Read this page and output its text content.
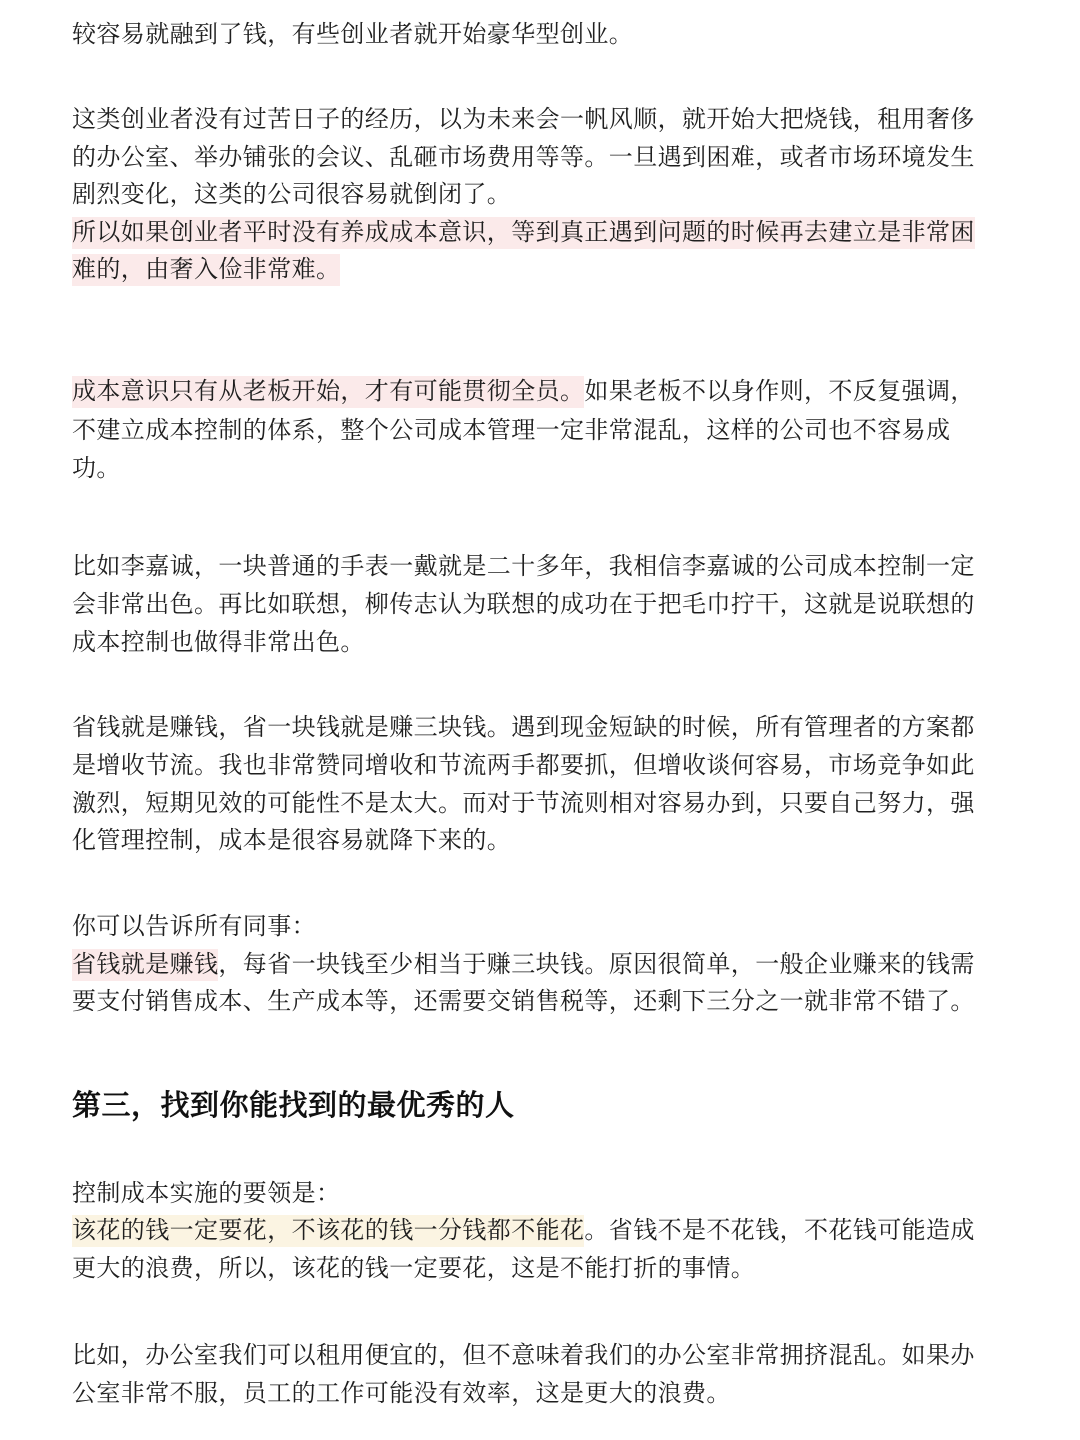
较容易就融到了钱，有些创业者就开始豪华型创业。
这类创业者没有过苦日子的经历，以为未来会一帆风顺，就开始大把烧钱，租用奢侈
的办公室、举办铺张的会议、乱砸市场费用等等。一旦遇到困难，或者市场环境发生
剧烈变化，这类的公司很容易就倒闭了。
所以如果创业者平时没有养成成本意识，等到真正遇到问题的时候再去建立是非常困
难的，由奢入俭非常难。
成本意识只有从老板开始，才有可能贯彻全员。如果老板不以身作则，不反复强调，
不建立成本控制的体系，整个公司成本管理一定非常混乱，这样的公司也不容易成
功。
比如李嘉诚，一块普通的手表一戴就是二十多年，我相信李嘉诚的公司成本控制一定
会非常出色。再比如联想，柳传志认为联想的成功在于把毛巾拧干，这就是说联想的
成本控制也做得非常出色。
省钱就是赚钱，省一块钱就是赚三块钱。遇到现金短缺的时候，所有管理者的方案都
是增收节流。我也非常赞同增收和节流两手都要抓，但增收谈何容易，市场竞争如此
激烈，短期见效的可能性不是太大。而对于节流则相对容易办到，只要自己努力，强
化管理控制，成本是很容易就降下来的。
你可以告诉所有同事：
省钱就是赚钱，每省一块钱至少相当于赚三块钱。原因很简单，一般企业赚来的钱需
要支付销售成本、生产成本等，还需要交销售税等，还剩下三分之一就非常不错了。
第三，找到你能找到的最优秀的人
控制成本实施的要领是：
该花的钱一定要花，不该花的钱一分钱都不能花。省钱不是不花钱，不花钱可能造成
更大的浪费，所以，该花的钱一定要花，这是不能打折的事情。
比如，办公室我们可以租用便宜的，但不意味着我们的办公室非常拥挤混乱。如果办
公室非常不服，员工的工作可能没有效率，这是更大的浪费。
